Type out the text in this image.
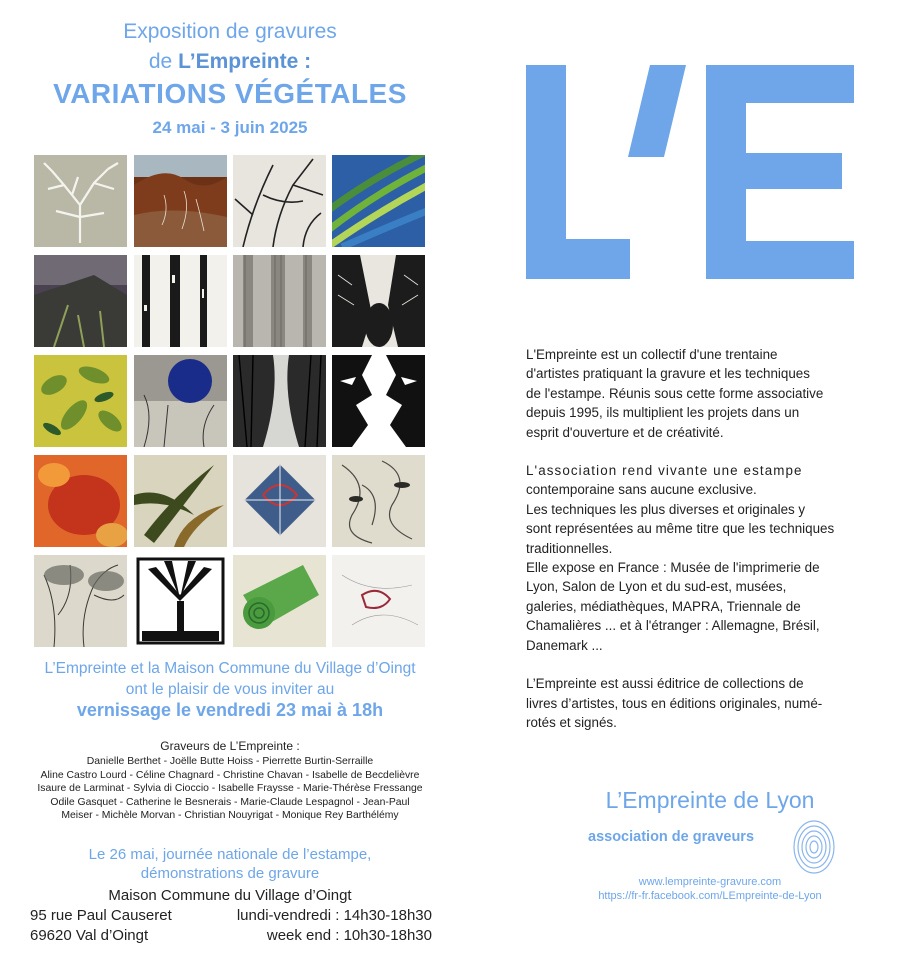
Exposition de gravures
de L’Empreinte :
VARIATIONS VÉGÉTALES
24 mai - 3 juin 2025
L’Empreinte et la Maison Commune du Village d’Oingt
ont le plaisir de vous inviter au
vernissage le vendredi 23 mai à 18h
Graveurs de L’Empreinte :
Danielle Berthet - Joëlle Butte Hoiss - Pierrette Burtin-Serraille
Aline Castro Lourd - Céline Chagnard - Christine Chavan - Isabelle de Becdelièvre
Isaure de Larminat - Sylvia di Cioccio - Isabelle Fraysse - Marie-Thérèse Fressange
Odile Gasquet - Catherine le Besnerais - Marie-Claude Lespagnol - Jean-Paul
Meiser - Michèle Morvan - Christian Nouyrigat - Monique Rey Barthélémy
Le 26 mai, journée nationale de l’estampe,
démonstrations de gravure
Maison Commune du Village d’Oingt
95 rue Paul Causeret
69620 Val d’Oingt
lundi-vendredi : 14h30-18h30
week end : 10h30-18h30
L’E

L'Empreinte est un collectif d'une trentaine
d'artistes pratiquant la gravure et les techniques
de l'estampe. Réunis sous cette forme associative
depuis 1995, ils multiplient les projets dans un
esprit d'ouverture et de créativité.

L'association rend vivante une estampe
contemporaine sans aucune exclusive.
Les techniques les plus diverses et originales y
sont représentées au même titre que les techniques
traditionnelles.
Elle expose en France : Musée de l'imprimerie de
Lyon, Salon de Lyon et du sud-est, musées,
galeries, médiathèques, MAPRA, Triennale de
Chamalières ... et à l'étranger : Allemagne, Brésil,
Danemark ...

L’Empreinte est aussi éditrice de collections de
livres d’artistes, tous en éditions originales, numé-
rotés et signés.

L’Empreinte de Lyon
association de graveurs
www.lempreinte-gravure.com
https://fr-fr.facebook.com/LEmpreinte-de-Lyon
